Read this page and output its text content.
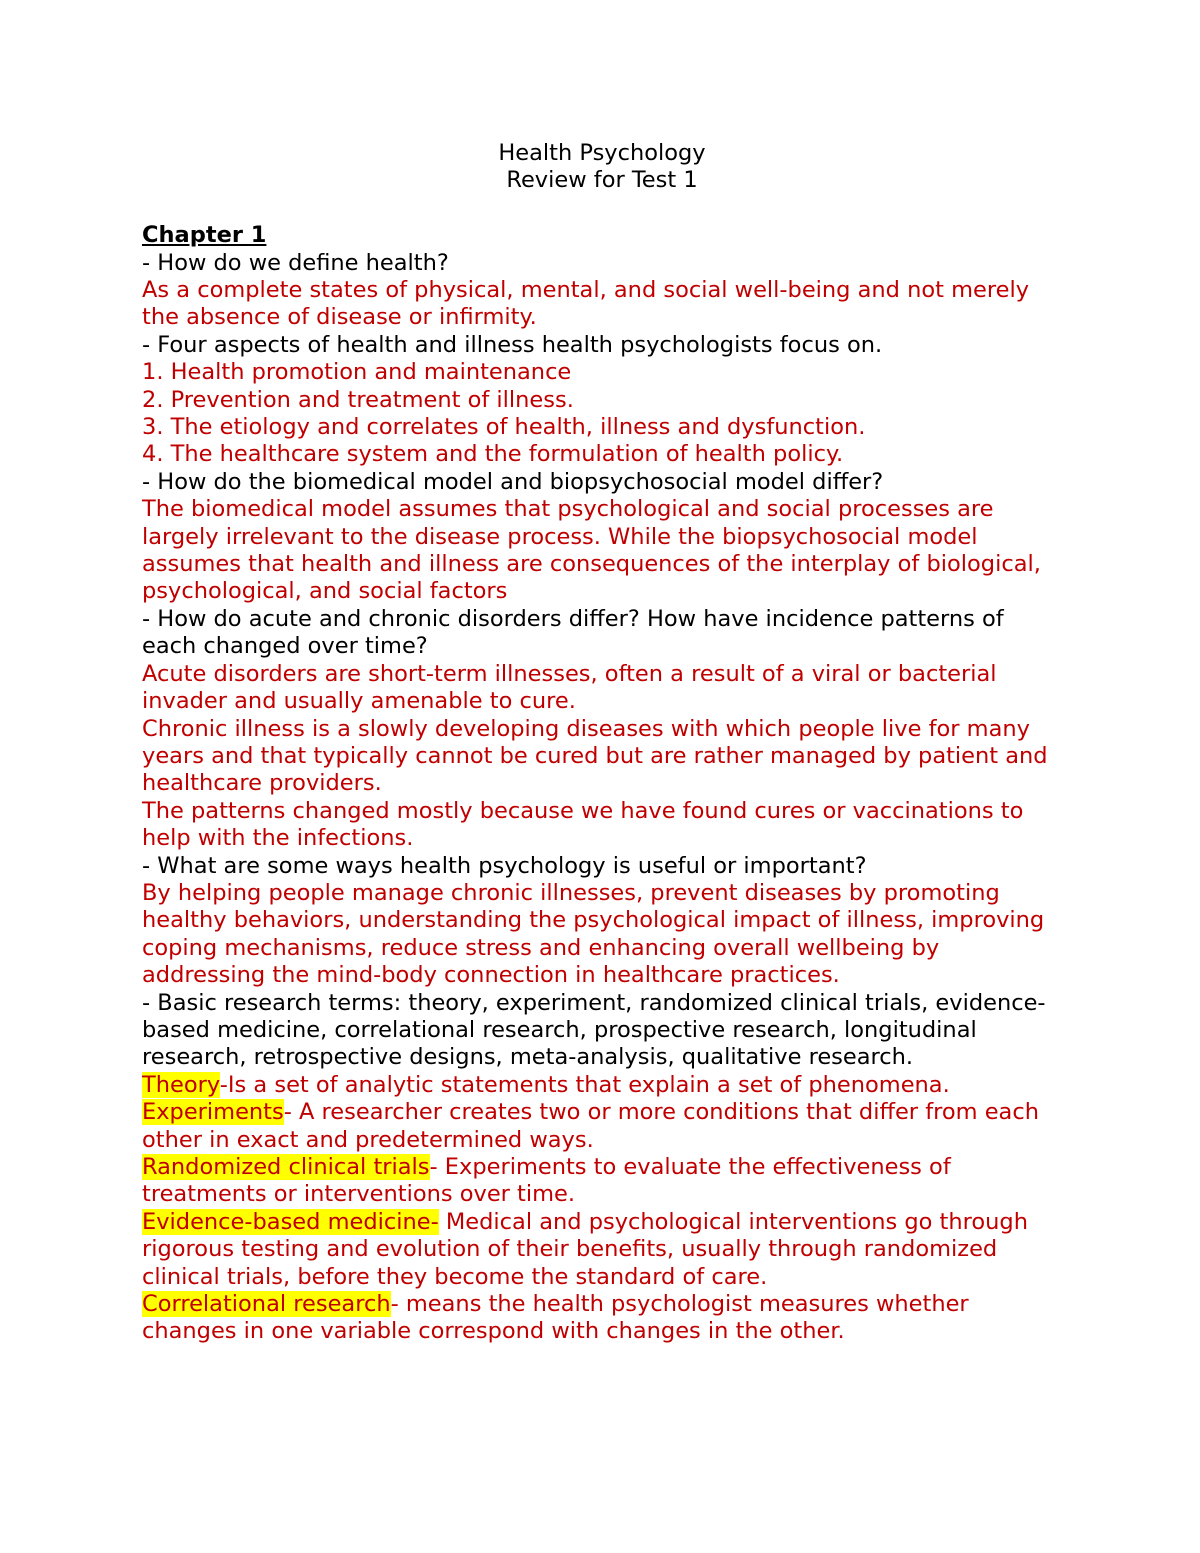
Health Psychology
Review for Test 1
Chapter 1
- How do we define health?
As a complete states of physical, mental, and social well-being and not merely the absence of disease or infirmity.
- Four aspects of health and illness health psychologists focus on.
1. Health promotion and maintenance
2. Prevention and treatment of illness.
3. The etiology and correlates of health, illness and dysfunction.
4. The healthcare system and the formulation of health policy.
- How do the biomedical model and biopsychosocial model differ?
The biomedical model assumes that psychological and social processes are largely irrelevant to the disease process. While the biopsychosocial model assumes that health and illness are consequences of the interplay of biological, psychological, and social factors
- How do acute and chronic disorders differ? How have incidence patterns of each changed over time?
Acute disorders are short-term illnesses, often a result of a viral or bacterial invader and usually amenable to cure.
Chronic illness is a slowly developing diseases with which people live for many years and that typically cannot be cured but are rather managed by patient and healthcare providers.
The patterns changed mostly because we have found cures or vaccinations to help with the infections.
- What are some ways health psychology is useful or important?
By helping people manage chronic illnesses, prevent diseases by promoting healthy behaviors, understanding the psychological impact of illness, improving coping mechanisms, reduce stress and enhancing overall wellbeing by addressing the mind-body connection in healthcare practices.
- Basic research terms: theory, experiment, randomized clinical trials, evidence-based medicine, correlational research, prospective research, longitudinal research, retrospective designs, meta-analysis, qualitative research.
Theory-Is a set of analytic statements that explain a set of phenomena.
Experiments- A researcher creates two or more conditions that differ from each other in exact and predetermined ways.
Randomized clinical trials- Experiments to evaluate the effectiveness of treatments or interventions over time.
Evidence-based medicine- Medical and psychological interventions go through rigorous testing and evolution of their benefits, usually through randomized clinical trials, before they become the standard of care.
Correlational research- means the health psychologist measures whether changes in one variable correspond with changes in the other.
